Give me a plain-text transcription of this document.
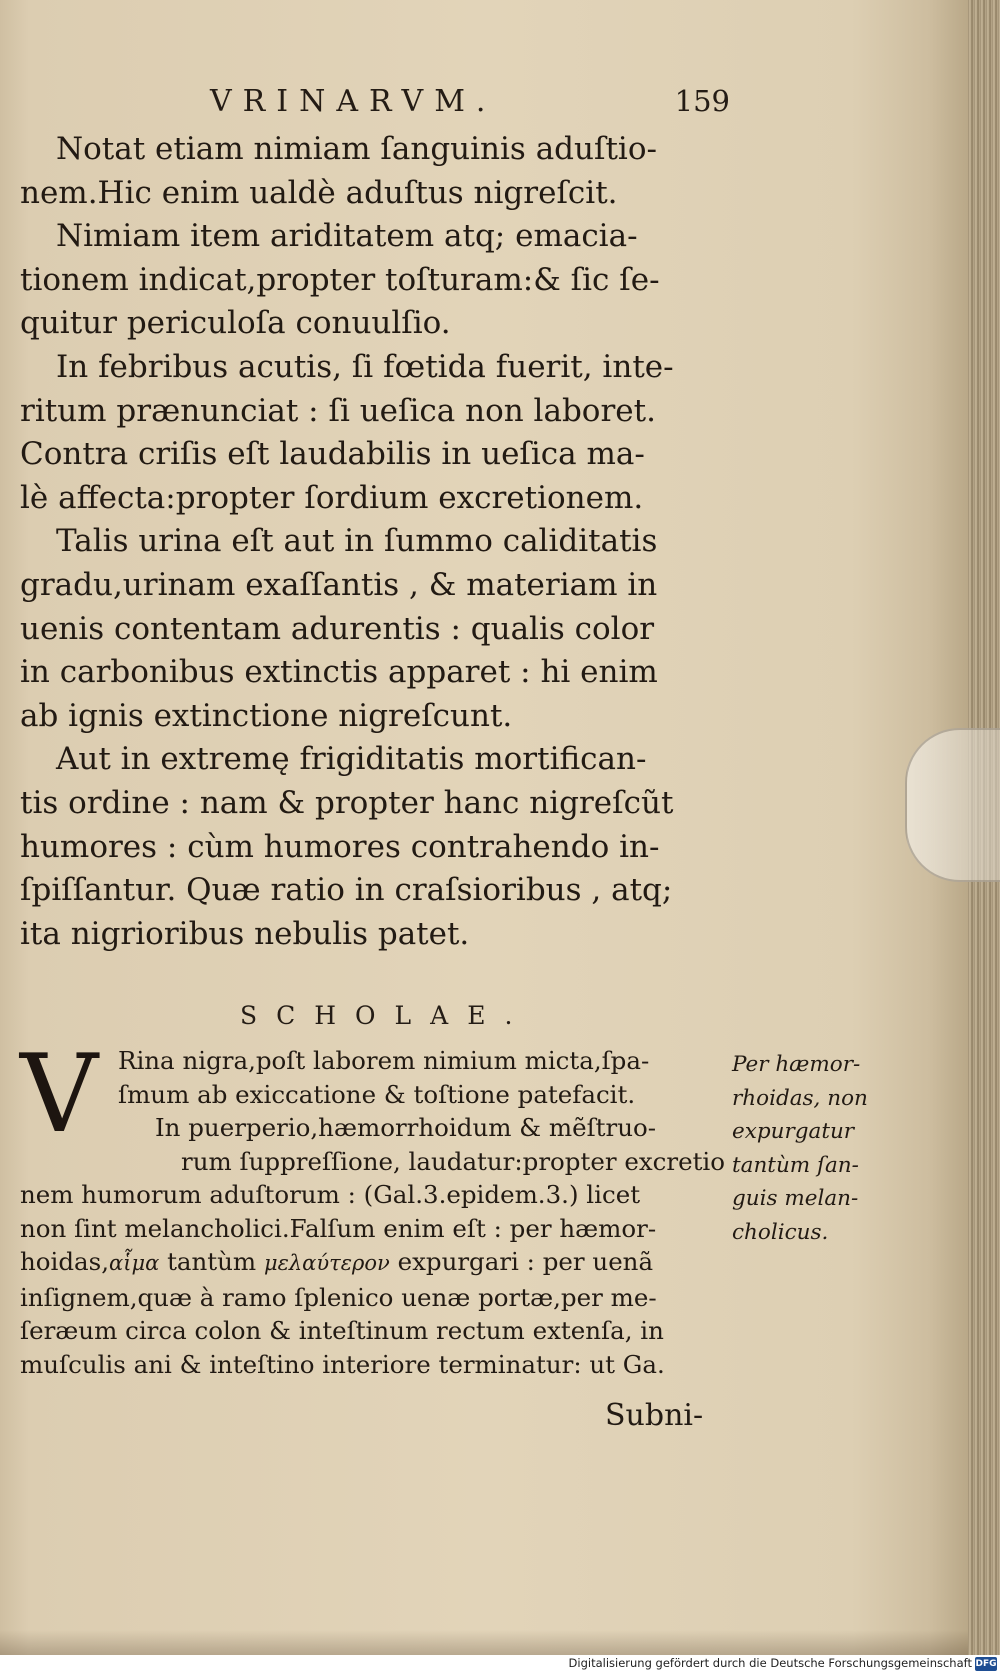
VRINARVM.	159

Notat etiam nimiam ſanguinis aduſtio-
nem.Hic enim ualdè aduſtus nigreſcit.

Nimiam item ariditatem atq; emacia-
tionem indicat,propter toſturam:& ſic ſe-
quitur periculoſa conuulſio.

In febribus acutis, ſi fœtida fuerit, inte-
ritum prænunciat : ſi ueſica non laboret.
Contra criſis eſt laudabilis in ueſica ma-
lè affecta:propter ſordium excretionem.

Talis urina eſt aut in ſummo caliditatis
gradu,urinam exaſſantis , & materiam in
uenis contentam adurentis : qualis color
in carbonibus extinctis apparet : hi enim
ab ignis extinctione nigreſcunt.

Aut in extremę frigiditatis mortifican-
tis ordine : nam & propter hanc nigreſcũt
humores : cùm humores contrahendo in-
ſpiſſantur. Quæ ratio in craſsioribus , atq;
ita nigrioribus nebulis patet.

SCHOLAE.
V Rina nigra,poſt laborem nimium micta,ſpa-
ſmum ab exiccatione & toſtione patefacit.
In puerperio,hæmorrhoidum & mẽſtruo-
rum ſuppreſſione, laudatur:propter excretio
nem humorum aduſtorum : (Gal.3.epidem.3.) licet
non ſint melancholici.Falſum enim eſt : per hæmor-
hoidas,αἷμα tantùm μελαύτερον expurgari : per uenã
inſignem,quæ à ramo ſplenico uenæ portæ,per me-
ſeræum circa colon & inteſtinum rectum extenſa, in
muſculis ani & inteſtino interiore terminatur: ut Ga.
Subni-
Per hæmor-
rhoidas, non
expurgatur
tantùm ſan-
guis melan-
cholicus.
Digitalisierung gefördert durch die Deutsche Forschungsgemeinschaft DFG
